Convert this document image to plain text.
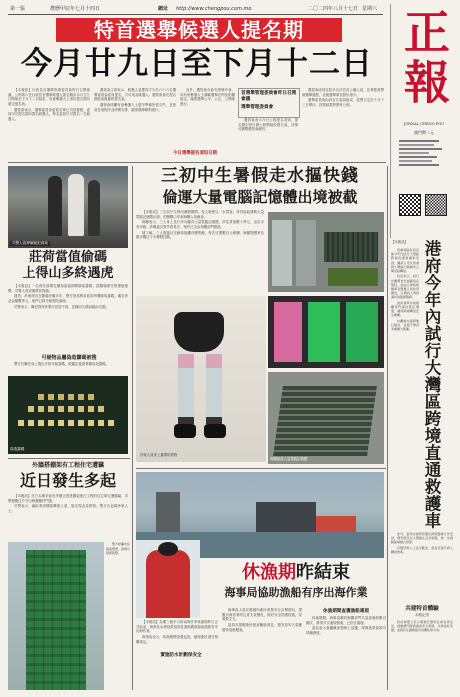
第一張	農曆甲辰年七月十四日	網址 http://www.chengpou.com.mo	二〇二四年八月十七日 星期六 正報
JORNAL CHENG POU
澳門幣二元
特首選舉候選人提名期
今月廿九日至下月十二日

【本報訊】行政長官選舉管理委員會昨日召開會議，公佈第六任行政長官選舉候選人提名期由本月廿九日開始至下月十二日結束，有意參選人士須於提名期內遞交提名表。

選管會表示，選舉委員會委員名單已刊登憲報，委員可於提名期內提名候選人，每名委員只可提名一名候選人。

選管會主席表示，候選人須獲得不少於六十六名選舉委員會委員提名，方可成為候選人。選管會會於提名期結束後審核提名表。

選管會呼籲有意參選人士盡早準備所需文件，並留意各項程序及時間安排，確保選舉順利進行。

此外，選管會亦會安排簡介會，向有意參選人士講解選舉法例及相關規定，確保選舉公平、公正、公開地進行。

首選舉管理委員會昨日召開會議
選舉管理委員會

選管會表示今日公佈提名須知，提名期內每日辦公時間接收提名表，詳情可瀏覽選管會網頁。

選管會成員包括多名法官及公職人員，負責監督整個選舉過程，並就選舉事宜發出指引。

選舉委員會由四百名委員組成，投票日定於十月十三日舉行，投票結果將即時公佈。

今日選舉提名須知日期
司警人員押解疑犯到案
莊荷當值偷碼
上得山多終遇虎

【本報訊】一名荷官被揭在賭枱當值期間偷取籌碼，經賭場保安察覺後報警，司警人員到場將其拘捕。

據悉，涉案荷官在賭場任職多年，警方指其利用派彩時機偷取籌碼，累計涉及金額數萬元，案件已移交檢察院處理。

司警表示，嫌犯對所涉罪行供認不諱，並稱因欠債而鋌而走險。

可疑物品屬偽造籌碼被搜

警方於嫌犯身上搜出多枚可疑籌碼，經鑑定後證實屬偽造籌碼。

偽造籌碼
外牆搭棚架有工程住宅遭竊
近日發生多起

【本報訊】近日本澳多區有外牆正搭建棚架進行工程的住宅單位遭爆竊，司警提醒住戶外出時應關好門窗。

司警表示，竊匪利用棚架攀爬入屋，盜走現金及財物，警方正追緝涉案人士。

警方呼籲市民提高警覺，發現可疑即報警。

三初中生暑假走水摳快錢
倫運大量電腦記憶體出境被截

【本報訊】三名初中生利用暑假期間，受人唆使以「水貨客」身份協助運載大量電腦記憶體出境，於關閘口岸被海關人員截查。

海關表示，三人身上及行李內藏有大量電腦記憶體，涉及貨值數十萬元，由於未有申報，涉嫌違反對外貿易法，案件已交由相關部門跟進。

據了解，三人透過社交網絡接觸有關集團，每次可獲數百元報酬。海關提醒家長應多關注子女暑假活動。

涉案人員身上攜帶的貨物
海關檢獲大量電腦記憶體
休漁期昨結束
海事局協助漁船有序出海作業

【本報訊】為期三個半月的南海伏季休漁期昨日正式結束，海事及水務局派員到各漁船碼頭協助漁船有序出海作業。

海事局表示，休漁期間加強巡查，確保漁民遵守相關規定。

實施防水計劃保安全

海事局人員在碼頭向漁民派發安全宣傳資料，提醒出海作業時注意天氣變化，做好安全防護措施，穿著救生衣。

當局亦提醒漁民留意颱風消息，遇有惡劣天氣應盡快返港避風。

休漁期間查獲漁船違規

休漁期間，海事局聯同相關部門共巡查漁船數百艘次，發現多宗違規個案，已依法處理。

當局表示會繼續加強海上巡邏，保障漁業資源可持續發展。

港府今年內試行大灣區跨境直通救護車
【本報訊】

香港特區政府宣佈今年內試行大灣區跨境直通救護車安排，讓病人可在香港與大灣區內地城市之間直接轉送。

政府表示，試行計劃將首先涵蓋指定醫院，並由合資格救護車及醫護人員負責護送，以便病人得到適切的醫療服務。

當局會與內地相關部門保持緊密溝通，確保跨境轉送安全順暢。

計劃推出後將進行檢討，並視乎情況考慮擴大範圍。

此外，當局亦會研究優化跨境醫療合作安排，便利居民在大灣區生活及就醫，進一步推動區域融合發展。

有醫學界人士表示歡迎，認為可提升病人轉送效率。

共建特首體驗
本報記者

特首參選人表示將廣泛聽取社會各界意見，推動澳門經濟適度多元發展，共建美好家園，並就民生議題提出具體政策方向。
